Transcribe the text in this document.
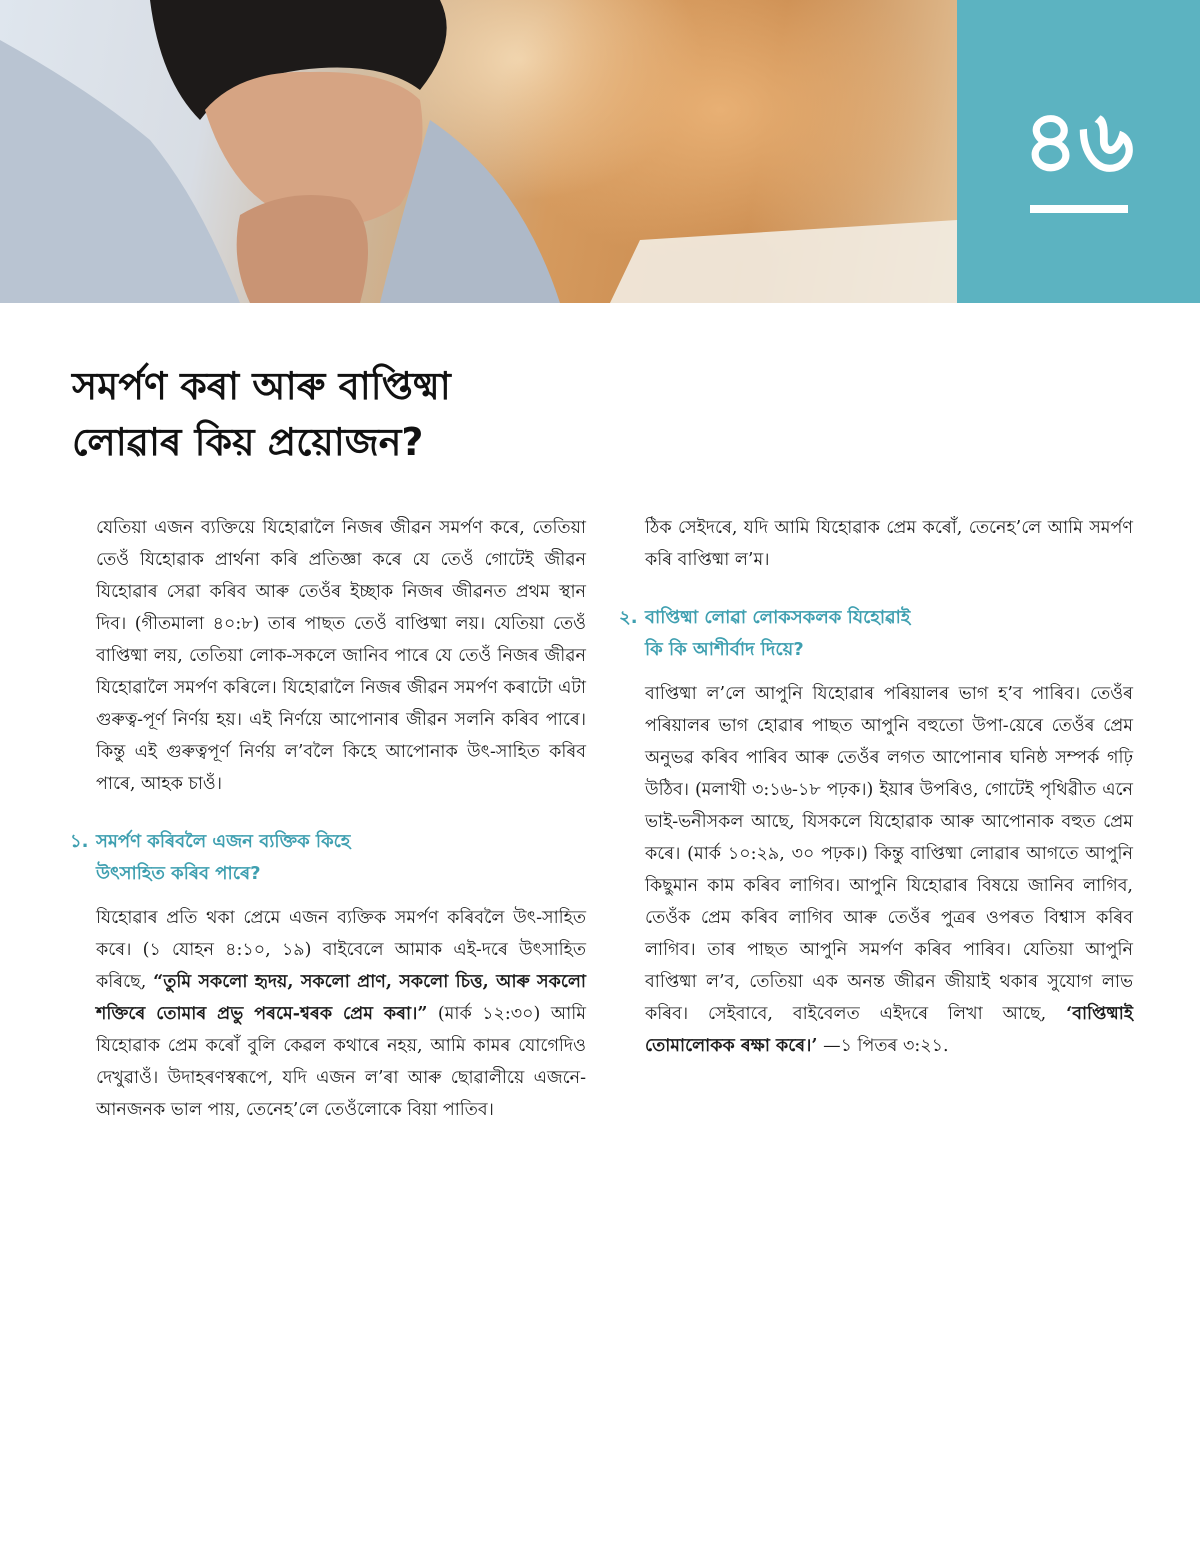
৪৬
সমৰ্পণ কৰা আৰু বাপ্তিষ্মা
লোৱাৰ কিয় প্ৰয়োজন?

যেতিয়া এজন ব্যক্তিয়ে যিহোৱালৈ নিজৰ জীৱন সমৰ্পণ কৰে, তেতিয়া তেওঁ যিহোৱাক প্ৰাৰ্থনা কৰি প্ৰতিজ্ঞা কৰে যে তেওঁ গোটেই জীৱন যিহোৱাৰ সেৱা কৰিব আৰু তেওঁৰ ইচ্ছাক নিজৰ জীৱনত প্ৰথম স্থান দিব। (গীতমালা ৪০:৮) তাৰ পাছত তেওঁ বাপ্তিষ্মা লয়। যেতিয়া তেওঁ বাপ্তিষ্মা লয়, তেতিয়া লোক-সকলে জানিব পাৰে যে তেওঁ নিজৰ জীৱন যিহোৱালৈ সমৰ্পণ কৰিলে। যিহোৱালৈ নিজৰ জীৱন সমৰ্পণ কৰাটো এটা গুৰুত্ব-পূৰ্ণ নিৰ্ণয় হয়। এই নিৰ্ণয়ে আপোনাৰ জীৱন সলনি কৰিব পাৰে। কিন্তু এই গুৰুত্বপূৰ্ণ নিৰ্ণয় ল’বলৈ কিহে আপোনাক উৎ-সাহিত কৰিব পাৰে, আহক চাওঁ।

১. সমৰ্পণ কৰিবলৈ এজন ব্যক্তিক কিহে
উৎসাহিত কৰিব পাৰে?

যিহোৱাৰ প্ৰতি থকা প্ৰেমে এজন ব্যক্তিক সমৰ্পণ কৰিবলৈ উৎ-সাহিত কৰে। (১ যোহন ৪:১০, ১৯) বাইবেলে আমাক এই-দৰে উৎসাহিত কৰিছে, “তুমি সকলো হৃদয়, সকলো প্ৰাণ, সকলো চিত্ত, আৰু সকলো শক্তিৰে তোমাৰ প্ৰভু পৰমে-শ্বৰক প্ৰেম কৰা।” (মাৰ্ক ১২:৩০) আমি যিহোৱাক প্ৰেম কৰোঁ বুলি কেৱল কথাৰে নহয়, আমি কামৰ যোগেদিও দেখুৱাওঁ। উদাহৰণস্বৰূপে, যদি এজন ল’ৰা আৰু ছোৱালীয়ে এজনে-আনজনক ভাল পায়, তেনেহ’লে তেওঁলোকে বিয়া পাতিব।

ঠিক সেইদৰে, যদি আমি যিহোৱাক প্ৰেম কৰোঁ, তেনেহ’লে আমি সমৰ্পণ কৰি বাপ্তিষ্মা ল’ম।

২. বাপ্তিষ্মা লোৱা লোকসকলক যিহোৱাই
কি কি আশীৰ্বাদ দিয়ে?

বাপ্তিষ্মা ল’লে আপুনি যিহোৱাৰ পৰিয়ালৰ ভাগ হ’ব পাৰিব। তেওঁৰ পৰিয়ালৰ ভাগ হোৱাৰ পাছত আপুনি বহুতো উপা-য়েৰে তেওঁৰ প্ৰেম অনুভৱ কৰিব পাৰিব আৰু তেওঁৰ লগত আপোনাৰ ঘনিষ্ঠ সম্পৰ্ক গঢ়ি উঠিব। (মলাখী ৩:১৬-১৮ পঢ়ক।) ইয়াৰ উপৰিও, গোটেই পৃথিৱীত এনে ভাই-ভনীসকল আছে, যিসকলে যিহোৱাক আৰু আপোনাক বহুত প্ৰেম কৰে। (মাৰ্ক ১০:২৯, ৩০ পঢ়ক।) কিন্তু বাপ্তিষ্মা লোৱাৰ আগতে আপুনি কিছুমান কাম কৰিব লাগিব। আপুনি যিহোৱাৰ বিষয়ে জানিব লাগিব, তেওঁক প্ৰেম কৰিব লাগিব আৰু তেওঁৰ পুত্ৰৰ ওপৰত বিশ্বাস কৰিব লাগিব। তাৰ পাছত আপুনি সমৰ্পণ কৰিব পাৰিব। যেতিয়া আপুনি বাপ্তিষ্মা ল’ব, তেতিয়া এক অনন্ত জীৱন জীয়াই থকাৰ সুযোগ লাভ কৰিব। সেইবাবে, বাইবেলত এইদৰে লিখা আছে, ‘বাপ্তিষ্মাই তোমালোকক ৰক্ষা কৰে।’ —১ পিতৰ ৩:২১.
